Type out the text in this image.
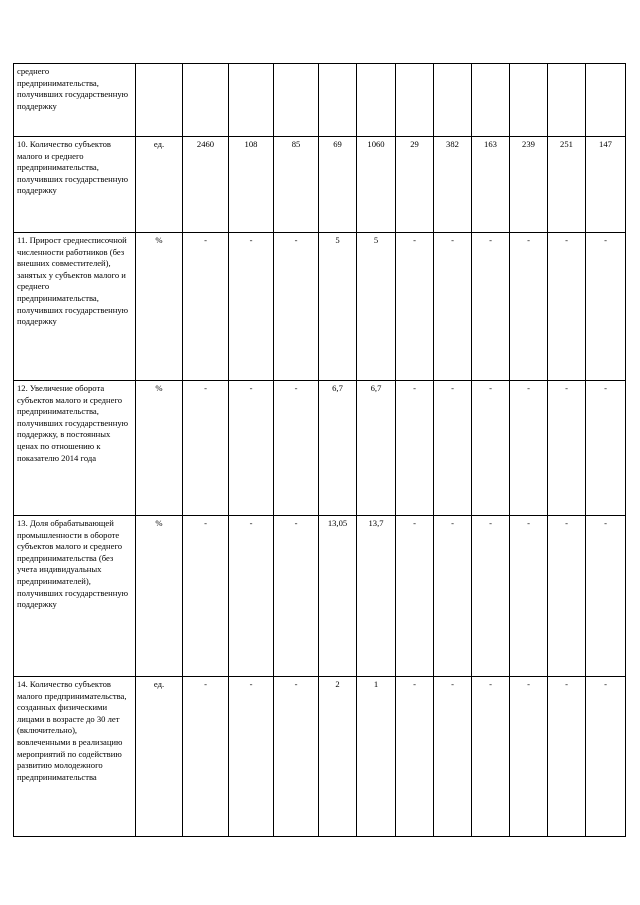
среднего предпринимательства, получивших государственную поддержку												
10. Количество субъектов малого и среднего предпринимательства, получивших государственную поддержку	ед.	2460	108	85	69	1060	29	382	163	239	251	147
11. Прирост среднесписочной численности работников (без внешних совместителей), занятых у субъектов малого и среднего предпринимательства, получивших государственную поддержку	%	-	-	-	5	5	-	-	-	-	-	-
12. Увеличение оборота субъектов малого и среднего предпринимательства, получивших государственную поддержку, в постоянных ценах по отношению к показателю 2014 года	%	-	-	-	6,7	6,7	-	-	-	-	-	-
13. Доля обрабатывающей промышленности в обороте субъектов малого и среднего предпринимательства (без учета индивидуальных предпринимателей), получивших государственную поддержку	%	-	-	-	13,05	13,7	-	-	-	-	-	-
14. Количество субъектов малого предпринимательства, созданных физическими лицами в возрасте до 30 лет (включительно), вовлеченными в реализацию мероприятий по содействию развитию молодежного предпринимательства	ед.	-	-	-	2	1	-	-	-	-	-	-
